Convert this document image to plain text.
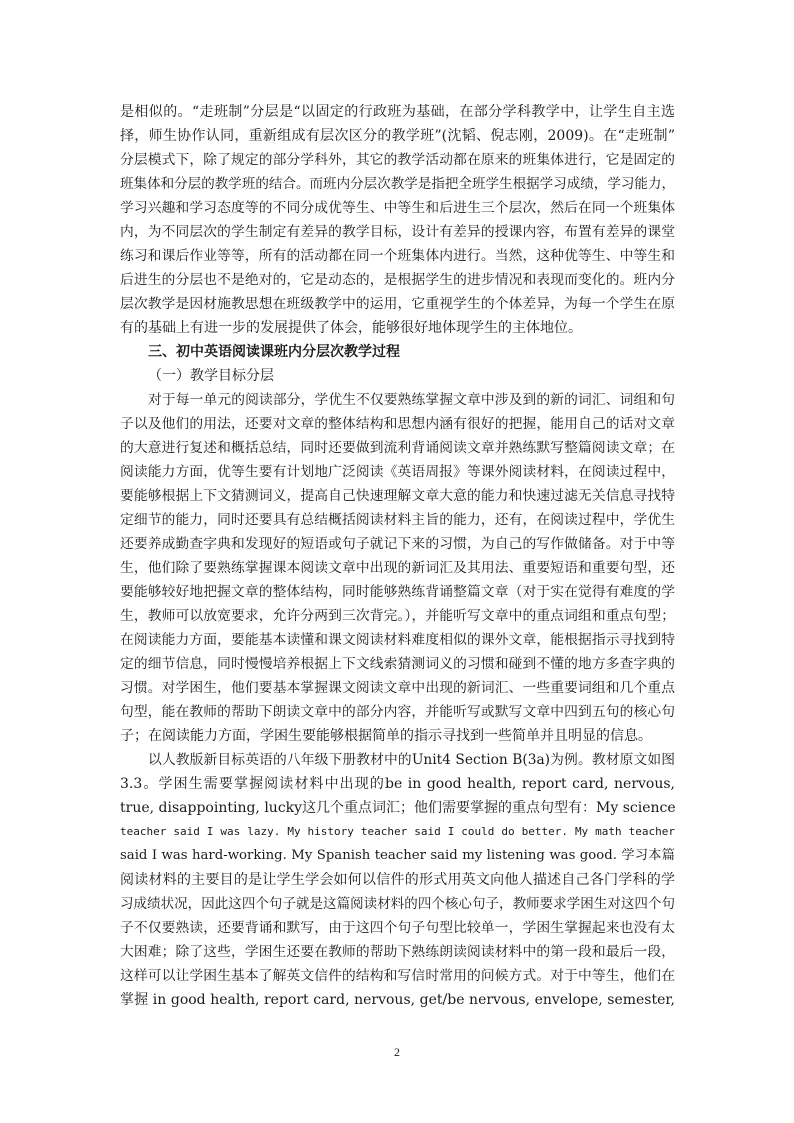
是相似的。“走班制”分层是“以固定的行政班为基础，在部分学科教学中，让学生自主选
择，师生协作认同，重新组成有层次区分的教学班”(沈韬、倪志刚，2009)。在“走班制”
分层模式下，除了规定的部分学科外，其它的教学活动都在原来的班集体进行，它是固定的
班集体和分层的教学班的结合。而班内分层次教学是指把全班学生根据学习成绩，学习能力，
学习兴趣和学习态度等的不同分成优等生、中等生和后进生三个层次，然后在同一个班集体
内，为不同层次的学生制定有差异的教学目标，设计有差异的授课内容，布置有差异的课堂
练习和课后作业等等，所有的活动都在同一个班集体内进行。当然，这种优等生、中等生和
后进生的分层也不是绝对的，它是动态的，是根据学生的进步情况和表现而变化的。班内分
层次教学是因材施教思想在班级教学中的运用，它重视学生的个体差异，为每一个学生在原
有的基础上有进一步的发展提供了体会，能够很好地体现学生的主体地位。
三、初中英语阅读课班内分层次教学过程
（一）教学目标分层
对于每一单元的阅读部分，学优生不仅要熟练掌握文章中涉及到的新的词汇、词组和句
子以及他们的用法，还要对文章的整体结构和思想内涵有很好的把握，能用自己的话对文章
的大意进行复述和概括总结，同时还要做到流利背诵阅读文章并熟练默写整篇阅读文章；在
阅读能力方面，优等生要有计划地广泛阅读《英语周报》等课外阅读材料，在阅读过程中，
要能够根据上下文猜测词义，提高自己快速理解文章大意的能力和快速过滤无关信息寻找特
定细节的能力，同时还要具有总结概括阅读材料主旨的能力，还有，在阅读过程中，学优生
还要养成勤查字典和发现好的短语或句子就记下来的习惯，为自己的写作做储备。对于中等
生，他们除了要熟练掌握课本阅读文章中出现的新词汇及其用法、重要短语和重要句型，还
要能够较好地把握文章的整体结构，同时能够熟练背诵整篇文章（对于实在觉得有难度的学
生，教师可以放宽要求，允许分两到三次背完。），并能听写文章中的重点词组和重点句型；
在阅读能力方面，要能基本读懂和课文阅读材料难度相似的课外文章，能根据指示寻找到特
定的细节信息，同时慢慢培养根据上下文线索猜测词义的习惯和碰到不懂的地方多查字典的
习惯。对学困生，他们要基本掌握课文阅读文章中出现的新词汇、一些重要词组和几个重点
句型，能在教师的帮助下朗读文章中的部分内容，并能听写或默写文章中四到五句的核心句
子；在阅读能力方面，学困生要能够根据简单的指示寻找到一些简单并且明显的信息。
以人教版新目标英语的八年级下册教材中的Unit4 Section B(3a)为例。教材原文如图
3.3。学困生需要掌握阅读材料中出现的be in good health, report card, nervous,
true, disappointing, lucky这几个重点词汇；他们需要掌握的重点句型有：My science
teacher said I was lazy. My history teacher said I could do better. My math teacher
said I was hard-working. My Spanish teacher said my listening was good. 学习本篇
阅读材料的主要目的是让学生学会如何以信件的形式用英文向他人描述自己各门学科的学
习成绩状况，因此这四个句子就是这篇阅读材料的四个核心句子，教师要求学困生对这四个句
子不仅要熟读，还要背诵和默写，由于这四个句子句型比较单一，学困生掌握起来也没有太
大困难；除了这些，学困生还要在教师的帮助下熟练朗读阅读材料中的第一段和最后一段，
这样可以让学困生基本了解英文信件的结构和写信时常用的问候方式。对于中等生，他们在
掌握 in good health, report card, nervous, get/be nervous, envelope, semester,
2
